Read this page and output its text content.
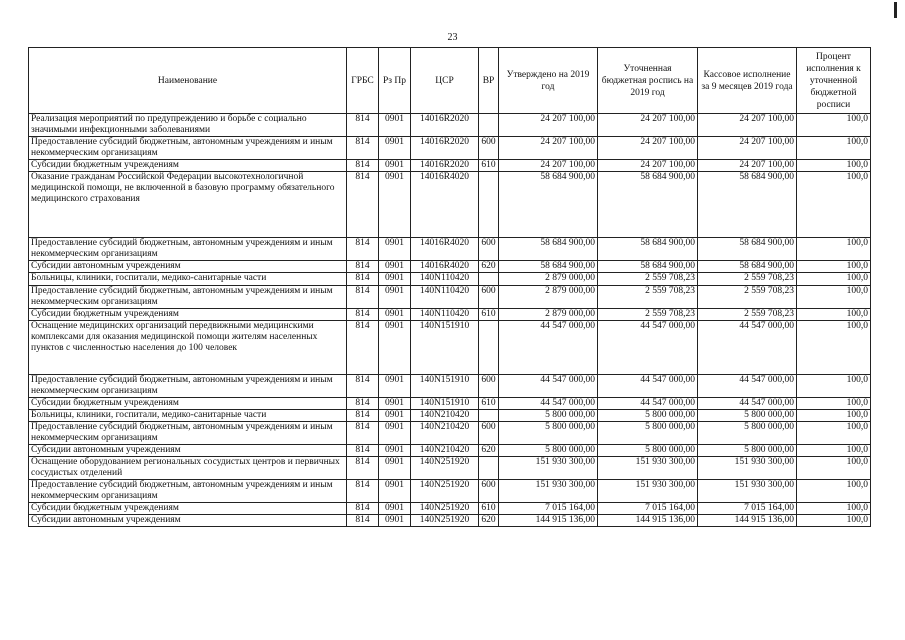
23
Наименование	ГРБС	Рз Пр	ЦСР	ВР	Утверждено на 2019 год	Уточненная бюджетная роспись на 2019 год	Кассовое исполнение за 9 месяцев 2019 года	Процент исполнения к уточненной бюджетной росписи
Реализация мероприятий по предупреждению и борьбе с социально значимыми инфекционными заболеваниями	814	0901	14016R2020		24 207 100,00	24 207 100,00	24 207 100,00	100,0
Предоставление субсидий бюджетным, автономным учреждениям и иным некоммерческим организациям	814	0901	14016R2020	600	24 207 100,00	24 207 100,00	24 207 100,00	100,0
Субсидии бюджетным учреждениям	814	0901	14016R2020	610	24 207 100,00	24 207 100,00	24 207 100,00	100,0
Оказание гражданам Российской Федерации высокотехнологичной медицинской помощи, не включенной в базовую программу обязательного медицинского страхования	814	0901	14016R4020		58 684 900,00	58 684 900,00	58 684 900,00	100,0
Предоставление субсидий бюджетным, автономным учреждениям и иным некоммерческим организациям	814	0901	14016R4020	600	58 684 900,00	58 684 900,00	58 684 900,00	100,0
Субсидии автономным учреждениям	814	0901	14016R4020	620	58 684 900,00	58 684 900,00	58 684 900,00	100,0
Больницы, клиники, госпитали, медико-санитарные части	814	0901	140N110420		2 879 000,00	2 559 708,23	2 559 708,23	100,0
Предоставление субсидий бюджетным, автономным учреждениям и иным некоммерческим организациям	814	0901	140N110420	600	2 879 000,00	2 559 708,23	2 559 708,23	100,0
Субсидии бюджетным учреждениям	814	0901	140N110420	610	2 879 000,00	2 559 708,23	2 559 708,23	100,0
Оснащение медицинских организаций передвижными медицинскими комплексами для оказания медицинской помощи жителям населенных пунктов с численностью населения до 100 человек	814	0901	140N151910		44 547 000,00	44 547 000,00	44 547 000,00	100,0
Предоставление субсидий бюджетным, автономным учреждениям и иным некоммерческим организациям	814	0901	140N151910	600	44 547 000,00	44 547 000,00	44 547 000,00	100,0
Субсидии бюджетным учреждениям	814	0901	140N151910	610	44 547 000,00	44 547 000,00	44 547 000,00	100,0
Больницы, клиники, госпитали, медико-санитарные части	814	0901	140N210420		5 800 000,00	5 800 000,00	5 800 000,00	100,0
Предоставление субсидий бюджетным, автономным учреждениям и иным некоммерческим организациям	814	0901	140N210420	600	5 800 000,00	5 800 000,00	5 800 000,00	100,0
Субсидии автономным учреждениям	814	0901	140N210420	620	5 800 000,00	5 800 000,00	5 800 000,00	100,0
Оснащение оборудованием региональных сосудистых центров и первичных сосудистых отделений	814	0901	140N251920		151 930 300,00	151 930 300,00	151 930 300,00	100,0
Предоставление субсидий бюджетным, автономным учреждениям и иным некоммерческим организациям	814	0901	140N251920	600	151 930 300,00	151 930 300,00	151 930 300,00	100,0
Субсидии бюджетным учреждениям	814	0901	140N251920	610	7 015 164,00	7 015 164,00	7 015 164,00	100,0
Субсидии автономным учреждениям	814	0901	140N251920	620	144 915 136,00	144 915 136,00	144 915 136,00	100,0
